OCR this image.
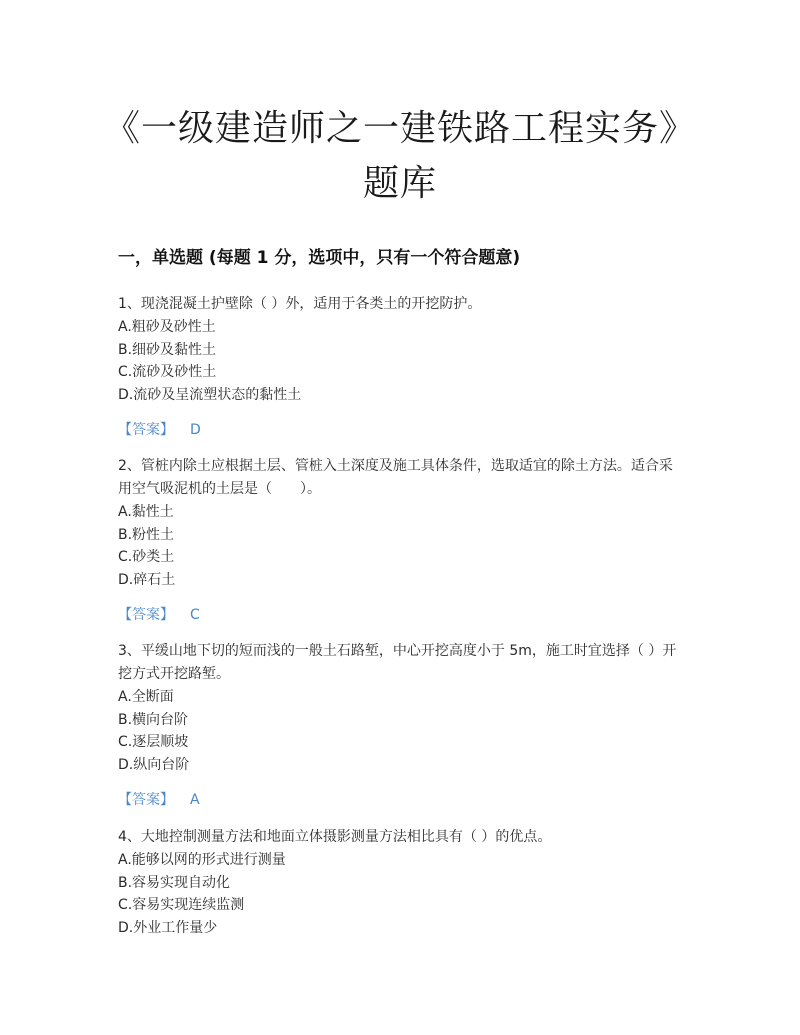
《一级建造师之一建铁路工程实务》
题库
一，单选题 (每题 1 分，选项中，只有一个符合题意)

1、现浇混凝土护壁除（ ）外，适用于各类土的开挖防护。

A.粗砂及砂性土

B.细砂及黏性土

C.流砂及砂性土

D.流砂及呈流塑状态的黏性土

【答案】 D

2、管桩内除土应根据土层、管桩入土深度及施工具体条件，选取适宜的除土方法。适合采用空气吸泥机的土层是（　　）。

A.黏性土

B.粉性土

C.砂类土

D.碎石土

【答案】 C

3、平缓山地下切的短而浅的一般土石路堑，中心开挖高度小于 5m，施工时宜选择（ ）开挖方式开挖路堑。

A.全断面

B.横向台阶

C.逐层顺坡

D.纵向台阶

【答案】 A

4、大地控制测量方法和地面立体摄影测量方法相比具有（ ）的优点。

A.能够以网的形式进行测量

B.容易实现自动化

C.容易实现连续监测

D.外业工作量少
